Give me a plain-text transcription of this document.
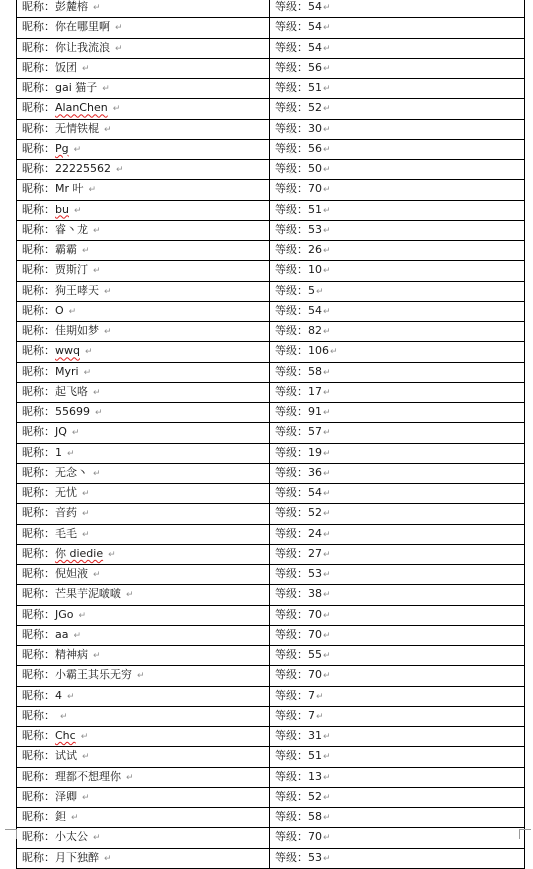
昵称：彭麓榕 ↵	等级：54↵
昵称：你在哪里啊 ↵	等级：54↵
昵称：你让我流浪 ↵	等级：54↵
昵称：饭团 ↵	等级：56↵
昵称：gai 猫子 ↵	等级：51↵
昵称：AlanChen ↵	等级：52↵
昵称：无情铁棍 ↵	等级：30↵
昵称：Pg ↵	等级：56↵
昵称：22225562 ↵	等级：50↵
昵称：Mr 叶 ↵	等级：70↵
昵称：bu ↵	等级：51↵
昵称：睿丶龙 ↵	等级：53↵
昵称：霸霸 ↵	等级：26↵
昵称：贾斯汀 ↵	等级：10↵
昵称：狗王哮天 ↵	等级：5↵
昵称：O ↵	等级：54↵
昵称：佳期如梦 ↵	等级：82↵
昵称：wwq ↵	等级：106↵
昵称：Myri ↵	等级：58↵
昵称：起飞咯 ↵	等级：17↵
昵称：55699 ↵	等级：91↵
昵称：JQ ↵	等级：57↵
昵称：1 ↵	等级：19↵
昵称：无念丶 ↵	等级：36↵
昵称：无忧 ↵	等级：54↵
昵称：音药 ↵	等级：52↵
昵称：毛毛 ↵	等级：24↵
昵称：你 diedie ↵	等级：27↵
昵称：倪妲液 ↵	等级：53↵
昵称：芒果芋泥啵啵 ↵	等级：38↵
昵称：JGo ↵	等级：70↵
昵称：aa ↵	等级：70↵
昵称：精神病 ↵	等级：55↵
昵称：小霸王其乐无穷 ↵	等级：70↵
昵称：4 ↵	等级：7↵
昵称： ↵	等级：7↵
昵称：Chc ↵	等级：31↵
昵称：试试 ↵	等级：51↵
昵称：理都不想理你 ↵	等级：13↵
昵称：泽卿 ↵	等级：52↵
昵称：鉭 ↵	等级：58↵
昵称：小太公 ↵	等级：70↵
昵称：月下独醉 ↵	等级：53↵
